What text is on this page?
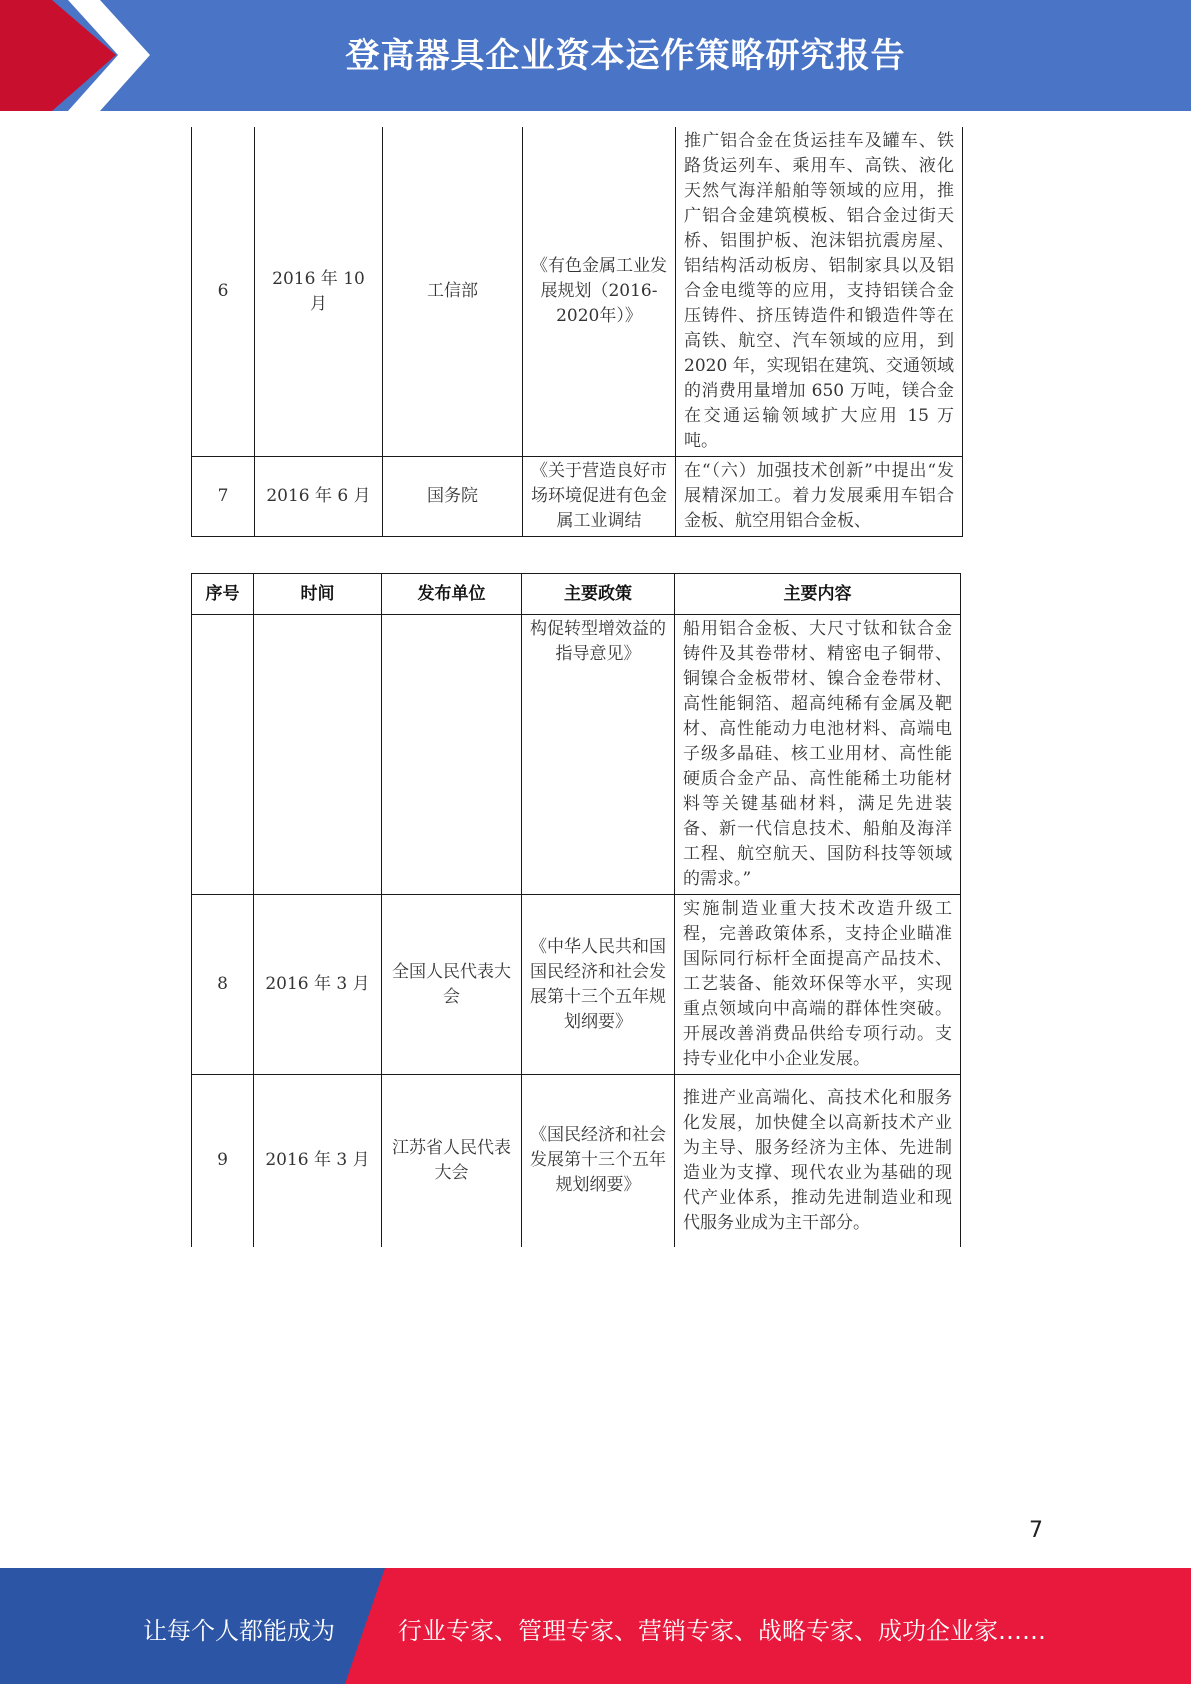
登高器具企业资本运作策略研究报告
6	2016 年 10 月	工信部	《有色金属工业发展规划（2016-2020年）》	推广铝合金在货运挂车及罐车、铁路货运列车、乘用车、高铁、液化天然气海洋船舶等领域的应用，推广铝合金建筑模板、铝合金过街天桥、铝围护板、泡沫铝抗震房屋、铝结构活动板房、铝制家具以及铝合金电缆等的应用，支持铝镁合金压铸件、挤压铸造件和锻造件等在高铁、航空、汽车领域的应用，到 2020 年，实现铝在建筑、交通领域的消费用量增加 650 万吨，镁合金在交通运输领域扩大应用 15 万吨。
7	2016 年 6 月	国务院	《关于营造良好市场环境促进有色金属工业调结	在“（六）加强技术创新”中提出“发展精深加工。着力发展乘用车铝合金板、航空用铝合金板、
序号	时间	发布单位	主要政策	主要内容
			构促转型增效益的指导意见》	船用铝合金板、大尺寸钛和钛合金铸件及其卷带材、精密电子铜带、铜镍合金板带材、镍合金卷带材、高性能铜箔、超高纯稀有金属及靶材、高性能动力电池材料、高端电子级多晶硅、核工业用材、高性能硬质合金产品、高性能稀土功能材料等关键基础材料，满足先进装备、新一代信息技术、船舶及海洋工程、航空航天、国防科技等领域的需求。”
8	2016 年 3 月	全国人民代表大会	《中华人民共和国国民经济和社会发展第十三个五年规划纲要》	实施制造业重大技术改造升级工程，完善政策体系，支持企业瞄准国际同行标杆全面提高产品技术、工艺装备、能效环保等水平，实现重点领域向中高端的群体性突破。开展改善消费品供给专项行动。支持专业化中小企业发展。
9	2016 年 3 月	江苏省人民代表大会	《国民经济和社会发展第十三个五年规划纲要》	推进产业高端化、高技术化和服务化发展，加快健全以高新技术产业为主导、服务经济为主体、先进制造业为支撑、现代农业为基础的现代产业体系，推动先进制造业和现代服务业成为主干部分。
7
让每个人都能成为	行业专家、管理专家、营销专家、战略专家、成功企业家……
